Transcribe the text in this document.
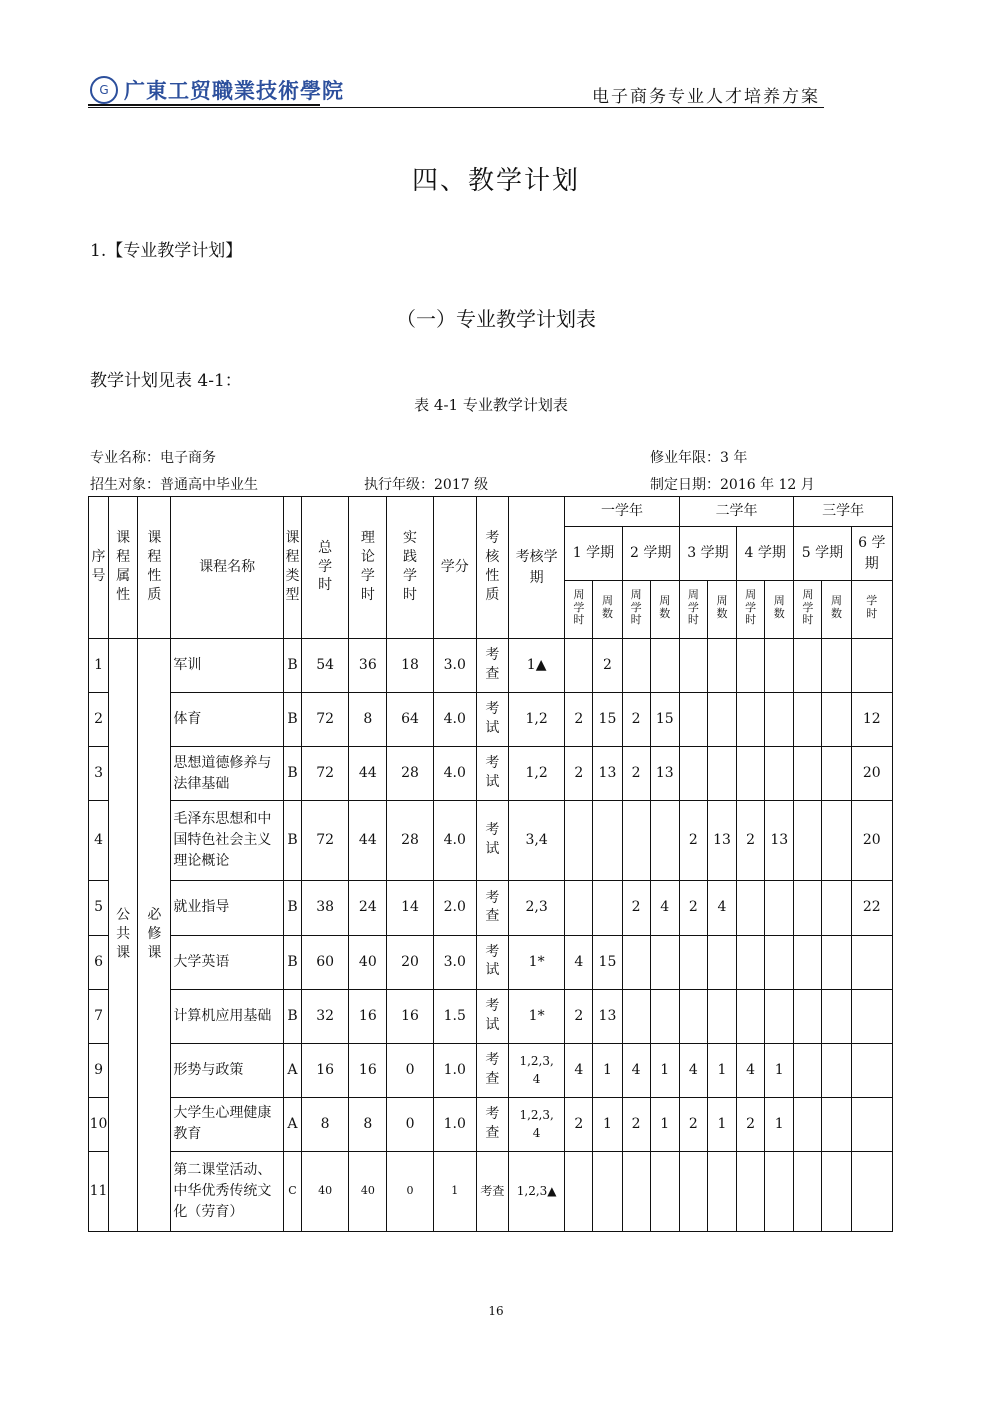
G 广東工贸職業技術學院	电子商务专业人才培养方案
四、教学计划
1.【专业教学计划】
（一）专业教学计划表
教学计划见表 4-1：
表 4-1 专业教学计划表
专业名称：电子商务	修业年限：3 年
招生对象：普通高中毕业生	执行年级：2017 级	制定日期：2016 年 12 月
序号	课程属性	课程性质	课程名称	课程类型	总学时	理论学时	实践学时	学分	考核性质	考核学期	一学年				二学年				三学年		
											1 学期		2 学期		3 学期		4 学期		5 学期		6 学期
											周学时	周数	周学时	周数	周学时	周数	周学时	周数	周学时	周数	学时
1	公共课	必修课	军训	B	54	36	18	3.0	考查	1▲		2									
2			体育	B	72	8	64	4.0	考试	1,2	2	15	2	15							12
3			思想道德修养与法律基础	B	72	44	28	4.0	考试	1,2	2	13	2	13							20
4			毛泽东思想和中国特色社会主义理论概论	B	72	44	28	4.0	考试	3,4					2	13	2	13			20
5			就业指导	B	38	24	14	2.0	考查	2,3			2	4	2	4					22
6			大学英语	B	60	40	20	3.0	考试	1*	4	15									
7			计算机应用基础	B	32	16	16	1.5	考试	1*	2	13									
9			形势与政策	A	16	16	0	1.0	考查	1,2,3,4	4	1	4	1	4	1	4	1			
10			大学生心理健康教育	A	8	8	0	1.0	考查	1,2,3,4	2	1	2	1	2	1	2	1			
11			第二课堂活动、中华优秀传统文化（劳育）	C	40	40	0	1	考查	1,2,3▲											
16
